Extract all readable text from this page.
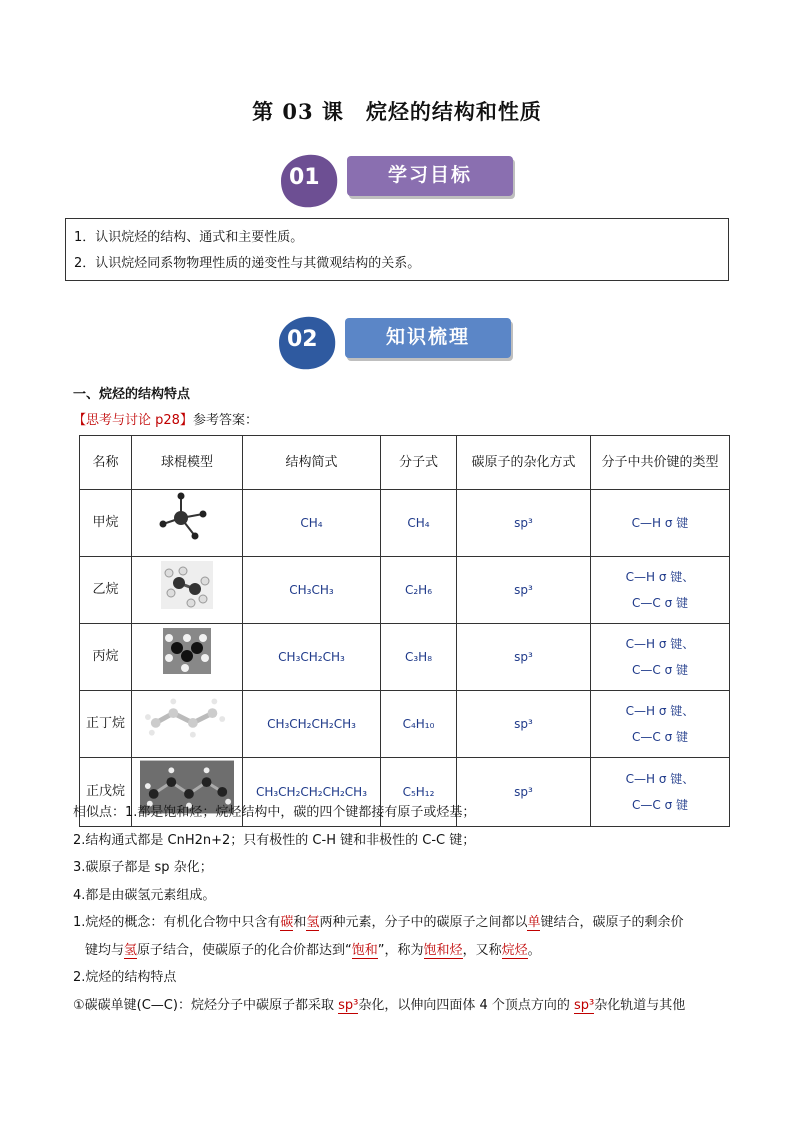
第 03 课　烷烃的结构和性质
01	学习目标
1．认识烷烃的结构、通式和主要性质。
2．认识烷烃同系物物理性质的递变性与其微观结构的关系。
02	知识梳理
一、烷烃的结构特点
【思考与讨论 p28】参考答案：
名称	球棍模型	结构简式	分子式	碳原子的杂化方式	分子中共价键的类型
甲烷		CH₄	CH₄	sp³	C—H σ 键

乙烷		CH₃CH₃	C₂H₆	sp³	C—H σ 键、
C—C σ 键

丙烷		CH₃CH₂CH₃	C₃H₈	sp³	C—H σ 键、
C—C σ 键

正丁烷		CH₃CH₂CH₂CH₃	C₄H₁₀	sp³	C—H σ 键、
C—C σ 键

正戊烷		CH₃CH₂CH₂CH₂CH₃	C₅H₁₂	sp³	C—H σ 键、
C—C σ 键
相似点：1.都是饱和烃；烷烃结构中，碳的四个键都接有原子或烃基；
2.结构通式都是 CnH2n+2；只有极性的 C-H 键和非极性的 C-C 键；
3.碳原子都是 sp 杂化；
4.都是由碳氢元素组成。
1.烷烃的概念：有机化合物中只含有碳和氢两种元素，分子中的碳原子之间都以单键结合，碳原子的剩余价
键均与氢原子结合，使碳原子的化合价都达到“饱和”，称为饱和烃，又称烷烃。
2.烷烃的结构特点
①碳碳单键(C—C)：烷烃分子中碳原子都采取 sp³杂化，以伸向四面体 4 个顶点方向的 sp³杂化轨道与其他
